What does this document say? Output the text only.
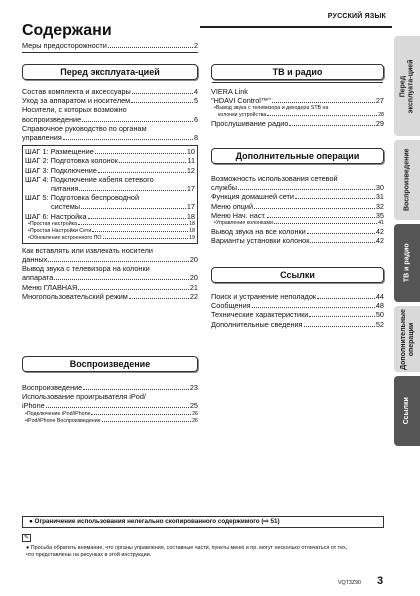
Содержани
РУССКИЙ ЯЗЫК
Меры предосторожности	2
Перед эксплуата-цией
Состав комплекта и аксессуары	4
Уход за аппаратом и носителем	5
Носители, с которых возможно
воспроизведение	6
Справочное руководство по органам
управления	8
ШАГ 1: Размещение	10
ШАГ 2: Подготовка колонок	11
ШАГ 3: Подключение	12
ШАГ 4: Подключение кабеля сетевого
питания	17
ШАГ 5: Подготовка беспроводной
системы	17
ШАГ 6: Настройка	18
•Простая настройка	18
•Простая Настройки Сети	18
•Обновление встроенного ПО	19
Как вставлять или извлекать носители
данных	20
Вывод звука с телевизора на колонки
аппарата	20
Меню ГЛАВНАЯ	21
Многопользовательский режим	22
Воспроизведение
Воспроизведение	23
Использование проигрывателя iPod/
iPhone	25
•Подключение iPod/iPhone	26
•iPod/iPhone Воспроизведение	26
ТВ и радио
VIERA Link
"HDAVI Control™"	27
•Вывод звука с телевизора и декодера STB на
колонки устройства	28
Прослушивание радио	29
Дополнительные операции
Возможность использования сетевой
службы	30
Функция домашней сети	31
Меню опций	32
Меню Нач. наст.	35
•Управление колонками	41
Вывод звука на все колонки	42
Варианты установки колонок	42
Ссылки
Поиск и устранение неполадок	44
Сообщения	48
Технические характеристики	50
Дополнительные сведения	52
Перед эксплуата-цией
Воспроизведение
ТВ и радио
Дополнительные операции
Ссылки
● Ограничение использования нелегально скопированного содержимого (⇨ 51)
✎
● Просьба обратить внимание, что органы управления, составные части, пункты меню и пр. могут несколько отличаться от тех, что представлены на рисунках в этой инструкции.
VQT3Z90 3
